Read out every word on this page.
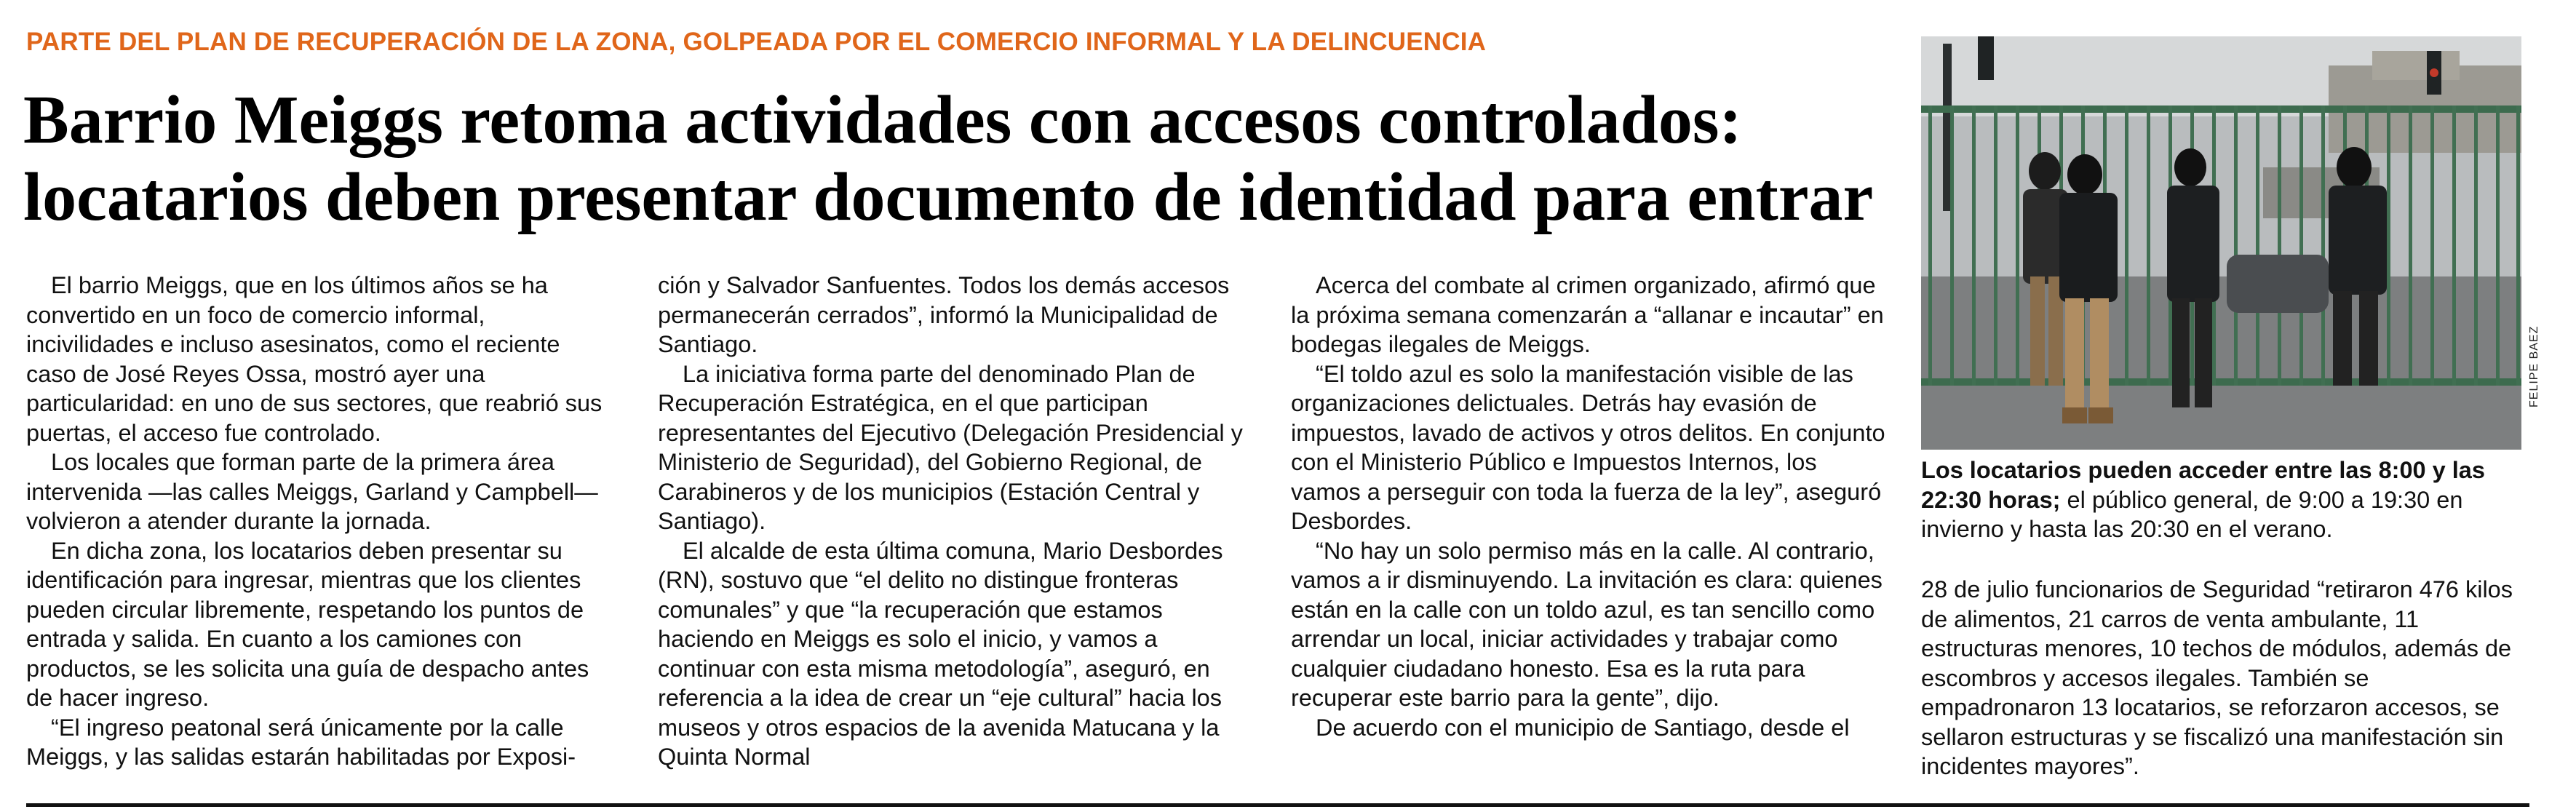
PARTE DEL PLAN DE RECUPERACIÓN DE LA ZONA, GOLPEADA POR EL COMERCIO INFORMAL Y LA DELINCUENCIA
Barrio Meiggs retoma actividades con accesos controlados:
locatarios deben presentar documento de identidad para entrar

El barrio Meiggs, que en los últimos años se ha convertido en un foco de comercio informal, incivilidades e incluso asesinatos, como el reciente caso de José Reyes Ossa, mostró ayer una particularidad: en uno de sus sectores, que reabrió sus puertas, el acceso fue controlado.

Los locales que forman parte de la primera área intervenida —las calles Meiggs, Garland y Campbell— volvieron a atender durante la jornada.

En dicha zona, los locatarios deben presentar su identificación para ingresar, mientras que los clientes pueden circular libremente, respetando los puntos de entrada y salida. En cuanto a los camiones con productos, se les solicita una guía de despacho antes de hacer ingreso.

“El ingreso peatonal será únicamente por la calle Meiggs, y las salidas estarán habilitadas por Exposi-

ción y Salvador Sanfuentes. Todos los demás accesos permanecerán cerrados”, informó la Municipalidad de Santiago.

La iniciativa forma parte del denominado Plan de Recuperación Estratégica, en el que participan representantes del Ejecutivo (Delegación Presidencial y Ministerio de Seguridad), del Gobierno Regional, de Carabineros y de los municipios (Estación Central y Santiago).

El alcalde de esta última comuna, Mario Desbordes (RN), sostuvo que “el delito no distingue fronteras comunales” y que “la recuperación que estamos haciendo en Meiggs es solo el inicio, y vamos a continuar con esta misma metodología”, aseguró, en referencia a la idea de crear un “eje cultural” hacia los museos y otros espacios de la avenida Matucana y la Quinta Normal

Acerca del combate al crimen organizado, afirmó que la próxima semana comenzarán a “allanar e incautar” en bodegas ilegales de Meiggs.

“El toldo azul es solo la manifestación visible de las organizaciones delictuales. Detrás hay evasión de impuestos, lavado de activos y otros delitos. En conjunto con el Ministerio Público e Impuestos Internos, los vamos a perseguir con toda la fuerza de la ley”, aseguró Desbordes.

“No hay un solo permiso más en la calle. Al contrario, vamos a ir disminuyendo. La invitación es clara: quienes están en la calle con un toldo azul, es tan sencillo como arrendar un local, iniciar actividades y trabajar como cualquier ciudadano honesto. Esa es la ruta para recuperar este barrio para la gente”, dijo.

De acuerdo con el municipio de Santiago, desde el

FELIPE BAEZ
Los locatarios pueden acceder entre las 8:00 y las 22:30 horas; el público general, de 9:00 a 19:30 en invierno y hasta las 20:30 en el verano.
28 de julio funcionarios de Seguridad “retiraron 476 kilos de alimentos, 21 carros de venta ambulante, 11 estructuras menores, 10 techos de módulos, además de escombros y accesos ilegales. También se empadronaron 13 locatarios, se reforzaron accesos, se sellaron estructuras y se fiscalizó una manifestación sin incidentes mayores”.
